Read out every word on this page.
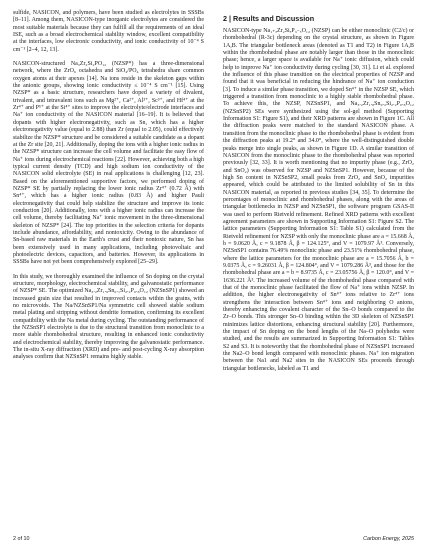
sulfide, NASICON, and polymers, have been studied as electrolytes in SSSBs [8–11]. Among them, NASICON-type inorganic electrolytes are considered the most suitable materials because they can fulfill all the requirements of an ideal ISE, such as a broad electrochemical stability window, excellent compatibility at the interfaces, low electronic conductivity, and ionic conductivity of 10⁻⁴ S cm⁻¹ [2–4, 12, 13].

NASICON-structured Na₃Zr₂Si₂PO₁₂ (NZSP*) has a three-dimensional network, where the ZrO₆ octahedra and SiO₄/PO₄ tetrahedra share common oxygen atoms at their apexes [14]. Na ions reside in the skeleton gaps within the anionic groups, showing ionic conductivity ≤ 10⁻⁴ S cm⁻¹ [15]. Using NZSP* as a basic structure, researchers have doped a variety of divalent, trivalent, and tetravalent ions such as Mg²⁺, Ca²⁺, Al³⁺, Sc³⁺, and Hf⁴⁺ at the Zr⁴⁺ and P⁵⁺ at the Si⁴⁺ sites to improve the electrolyte/electrode interfaces and Na⁺ ion conductivity of the NASICON material [16–19]. It is believed that dopants with higher electronegativity, such as Sn, which has a higher electronegativity value (equal to 2.88) than Zr (equal to 2.05), could effectively stabilize the NZSP* structure and be considered a suitable candidate as a dopant at the Zr site [20, 21]. Additionally, doping the ions with a higher ionic radius in the NZSP* structure can increase the cell volume and facilitate the easy flow of Na⁺ ions during electrochemical reactions [22]. However, achieving both a high typical current density (TCD) and high sodium ion conductivity of the NASICON solid electrolyte (SE) in real applications is challenging [12, 23]. Based on the aforementioned supportive factors, we performed doping of NZSP* SE by partially replacing the lower ionic radius Zr⁴⁺ (0.72 Å) with Sn⁴⁺, which has a higher ionic radius (0.83 Å) and higher Pauli electronegativity that could help stabilize the structure and improve its ionic conduction [20]. Additionally, ions with a higher ionic radius can increase the cell volume, thereby facilitating Na⁺ ionic movement in the three-dimensional skeleton of NZSP* [24]. The top priorities in the selection criteria for dopants include abundance, affordability, and nontoxicity. Owing to the abundance of Sn-based raw materials in the Earth's crust and their nontoxic nature, Sn has been extensively used in many applications, including photovoltaic and photoelectric devices, capacitors, and batteries. However, its applications in SSSBs have not yet been comprehensively explored [25–29].

In this study, we thoroughly examined the influence of Sn doping on the crystal structure, morphology, electrochemical stability, and galvanostatic performance of NZSP* SE. The optimized Na₃.₂Zr₁.₉Sn₀.₁Si₂.₂P₀.₈O₁₂ (NZSnSP1) showed an increased grain size that resulted in improved contacts within the grains, with no microvoids. The Na/NZSnSP1/Na symmetric cell showed stable sodium metal plating and stripping without dendrite formation, confirming its excellent compatibility with the Na metal during cycling. The outstanding performance of the NZSnSP1 electrolyte is due to the structural transition from monoclinic to a more stable rhombohedral structure, resulting in enhanced ionic conductivity and electrochemical stability, thereby improving the galvanostatic performance. The in-situ X-ray diffraction (XRD) and pre- and post-cycling X-ray absorption analyses confirm that NZSnSP1 remains highly stable.

2 | Results and Discussion

NASICON-type Na₁₊ₓZr₂SiₓP₃₋ₓO₁₂ (NZSP) can be either monoclinic (C2/c) or rhombohedral (R-3c) depending on the crystal structure, as shown in Figure 1A,B. The triangular bottleneck areas (denoted as T1 and T2) in Figure 1A,B within the rhombohedral phase are notably larger than those in the monoclinic phase; hence, a larger space is available for Na⁺ ionic diffusion, which could help to improve Na⁺ ion conductivity during cycling [30, 31]. Li et al. explored the influence of this phase transition on the electrical properties of NZSP and found that it was beneficial in reducing the hindrance of Na⁺ ion conduction [3]. To induce a similar phase transition, we doped Sn⁴⁺ in the NZSP SE, which triggered a transition from monoclinic to a highly stable rhombohedral phase. To achieve this, the NZSP, NZSnSP1, and Na₃.₂Zr₁.₈Sn₀.₂Si₂.₂P₀.₈O₁₂ (NZSnSP2) SEs were synthesized using the sol-gel method (Supporting Information S1: Figure S1), and their XRD patterns are shown in Figure 1C. All the diffraction peaks were matched to the standard NASICON phase. A transition from the monoclinic phase to the rhombohedral phase is evident from the diffraction peaks at 19.2° and 34.0°, where the well-distinguished double peaks merge into single peaks, as shown in Figure 1D. A similar transition of NASICON from the monoclinic phase to the rhombohedral phase was reported previously [32, 33]. It is worth mentioning that no impurity phase (e.g., ZrO₂ and SnO₂) was observed for NZSP and NZSnSP1. However, because of the high Sn content in NZSnSP2, small peaks from ZrO₂ and SnO₂ impurities appeared, which could be attributed to the limited solubility of Sn in this NASICON material, as reported in previous studies [34, 35]. To determine the percentages of monoclinic and rhombohedral phases, along with the areas of triangular bottlenecks in NZSP and NZSnSP1, the software program GSAS-II was used to perform Rietveld refinement. Refined XRD patterns with excellent agreement parameters are shown in Supporting Information S1: Figure S2. The lattice parameters (Supporting Information S1: Table S1) calculated from the Rietveld refinement for NZSP with only the monoclinic phase are a = 15.668 Å, b = 9.0620 Å, c = 9.1878 Å, β = 124.125°, and V = 1079.97 Å³. Conversely, NZSnSP1 contains 76.49% monoclinic phase and 23.51% rhombohedral phase, where the lattice parameters for the monoclinic phase are a = 15.7056 Å, b = 9.0375 Å, c = 9.26031 Å, β = 124.804°, and V = 1079.286 Å³, and those for the rhombohedral phase are a = b = 8.9735 Å, c = 23.05756 Å, β = 120.0°, and V = 1636.221 Å³. The increased volume of the rhombohedral phase compared with that of the monoclinic phase facilitated the flow of Na⁺ ions within NZSP. In addition, the higher electronegativity of Sn⁴⁺ ions relative to Zr⁴⁺ ions strengthens the interaction between Sn⁴⁺ ions and neighboring O anions, thereby enhancing the covalent character of the Sn–O bonds compared to the Zr–O bonds. This stronger Sn–O binding within the 3D skeleton of NZSnSP1 minimizes lattice distortions, enhancing structural stability [20]. Furthermore, the impact of Sn doping on the bond lengths of the Na–O polyhedra were studied, and the results are summarized in Supporting Information S1: Tables S2 and S3. It is noteworthy that the rhombohedral phase of NZSnSP1 increased the Na2–O bond length compared with monoclinic phases. Na⁺ ion migration between the Na1 and Na2 sites in the NASICON SEs proceeds through triangular bottlenecks, labeled as T1 and

2 of 10	Carbon Energy, 2025
